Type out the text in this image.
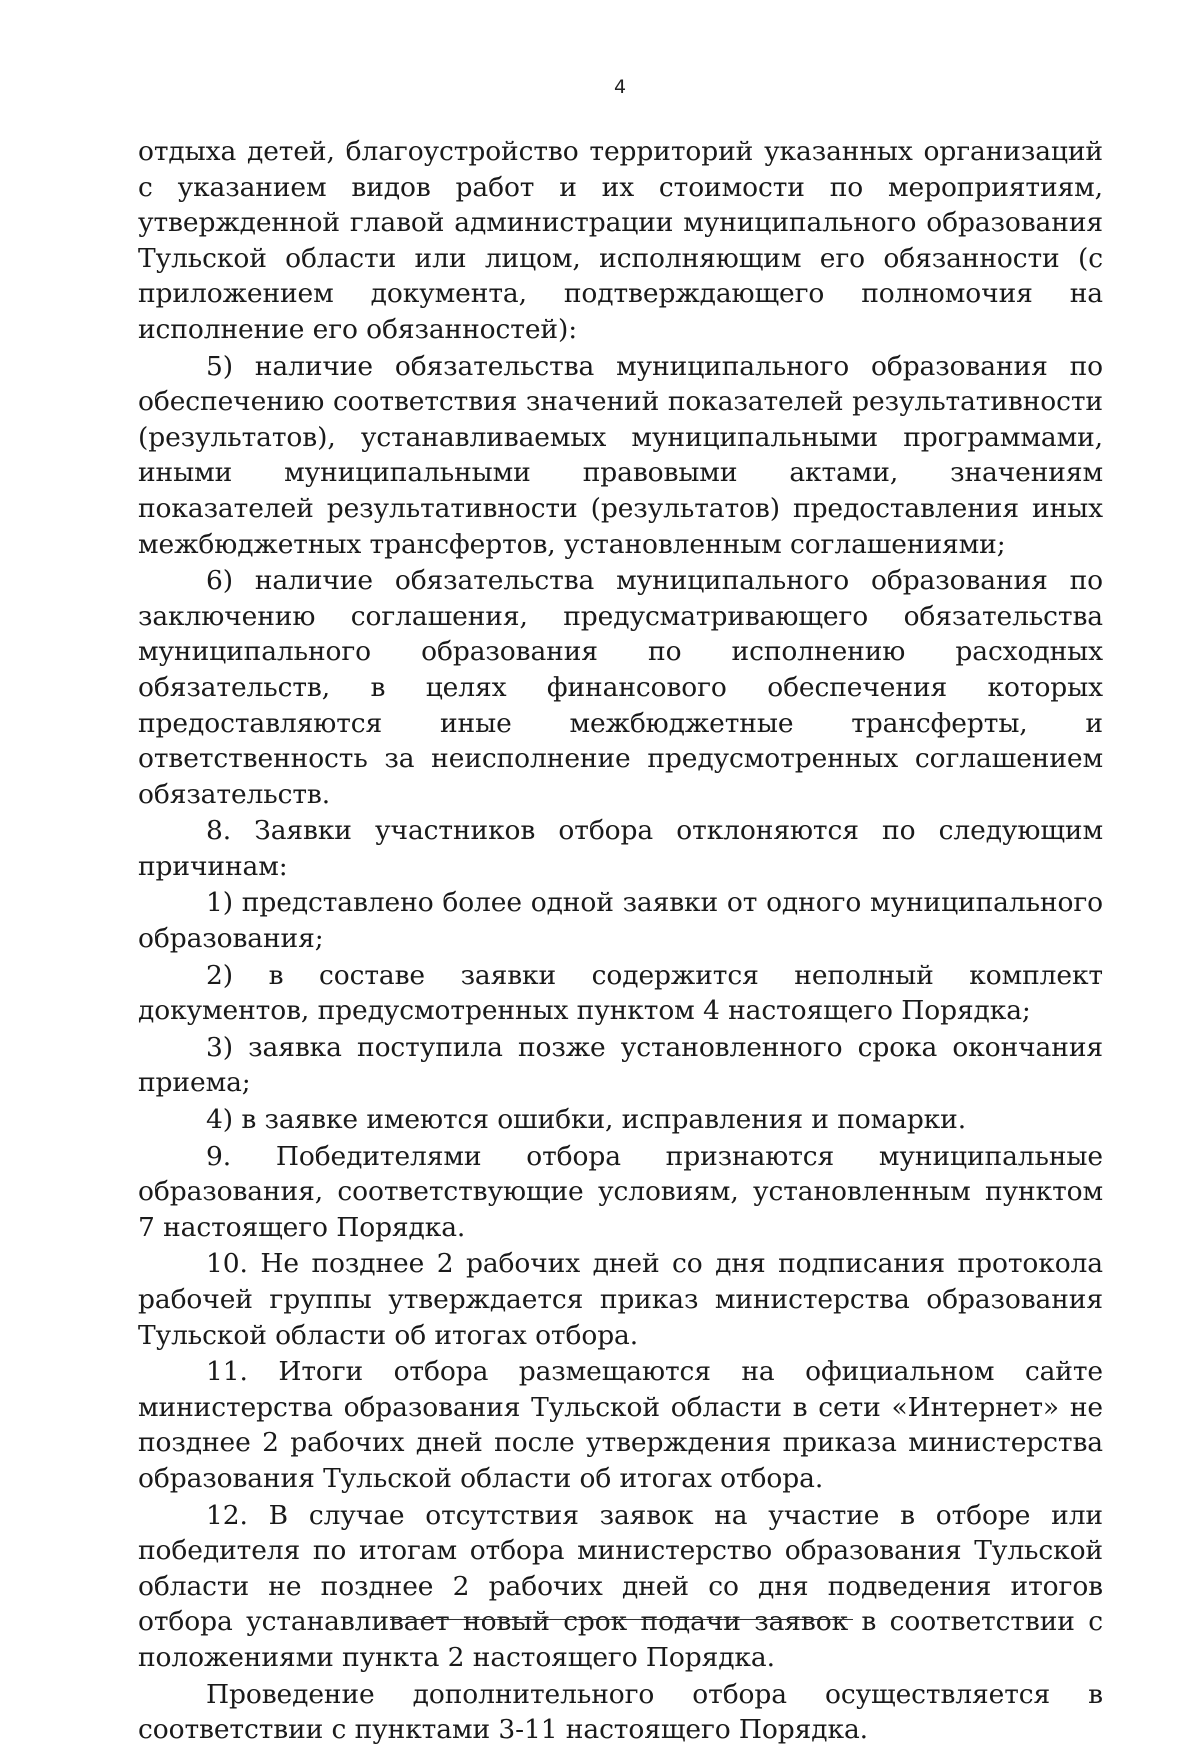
4

отдыха детей, благоустройство территорий указанных организаций с указанием видов работ и их стоимости по мероприятиям, утвержденной главой администрации муниципального образования Тульской области или лицом, исполняющим его обязанности (с приложением документа, подтверждающего полномочия на исполнение его обязанностей):

5) наличие обязательства муниципального образования по обеспечению соответствия значений показателей результативности (результатов), устанавливаемых муниципальными программами, иными муниципальными правовыми актами, значениям показателей результативности (результатов) предоставления иных межбюджетных трансфертов, установленным соглашениями;

6) наличие обязательства муниципального образования по заключению соглашения, предусматривающего обязательства муниципального образования по исполнению расходных обязательств, в целях финансового обеспечения которых предоставляются иные межбюджетные трансферты, и ответственность за неисполнение предусмотренных соглашением обязательств.

8. Заявки участников отбора отклоняются по следующим причинам:

1) представлено более одной заявки от одного муниципального образования;

2) в составе заявки содержится неполный комплект документов, предусмотренных пунктом 4 настоящего Порядка;

3) заявка поступила позже установленного срока окончания приема;

4) в заявке имеются ошибки, исправления и помарки.

9. Победителями отбора признаются муниципальные образования, соответствующие условиям, установленным пунктом 7 настоящего Порядка.

10. Не позднее 2 рабочих дней со дня подписания протокола рабочей группы утверждается приказ министерства образования Тульской области об итогах отбора.

11. Итоги отбора размещаются на официальном сайте министерства образования Тульской области в сети «Интернет» не позднее 2 рабочих дней после утверждения приказа министерства образования Тульской области об итогах отбора.

12. В случае отсутствия заявок на участие в отборе или победителя по итогам отбора министерство образования Тульской области не позднее 2 рабочих дней со дня подведения итогов отбора устанавливает новый срок подачи заявок в соответствии с положениями пункта 2 настоящего Порядка.

Проведение дополнительного отбора осуществляется в соответствии с пунктами 3-11 настоящего Порядка.
